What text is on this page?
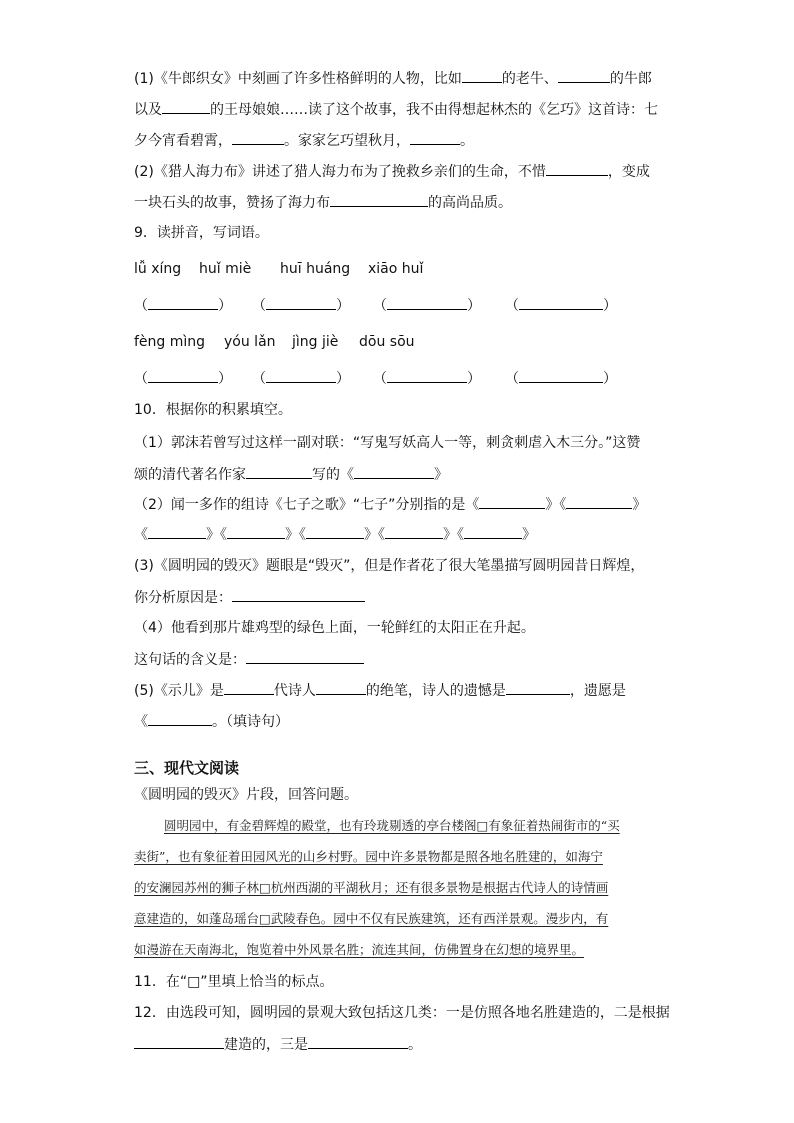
(1)《牛郎织女》中刻画了许多性格鲜明的人物，比如	的老牛、	的牛郎
以及	的王母娘娘……读了这个故事，我不由得想起林杰的《乞巧》这首诗：七
夕今宵看碧霄，	。家家乞巧望秋月，	。
(2)《猎人海力布》讲述了猎人海力布为了挽救乡亲们的生命，不惜	，变成
一块石头的故事，赞扬了海力布	的高尚品质。
9．读拼音，写词语。
lǚ xíng huǐ miè huī huáng xiāo huǐ
（	） （	） （	） （	）
fèng mìng yóu lǎn jìng jiè dōu sōu
（	） （	） （	） （	）
10．根据你的积累填空。
（1）郭沫若曾写过这样一副对联：“写鬼写妖高人一等，刺贪刺虐入木三分。”这赞
颂的清代著名作家	写的《	》
（2）闻一多作的组诗《七子之歌》“七子”分别指的是《	》《	》
《	》《	》《	》《	》《	》
(3)《圆明园的毁灭》题眼是“毁灭”，但是作者花了很大笔墨描写圆明园昔日辉煌，
你分析原因是：
（4）他看到那片雄鸡型的绿色上面，一轮鲜红的太阳正在升起。
这句话的含义是：
(5)《示儿》是	代诗人	的绝笔，诗人的遗憾是	，遗愿是
《	。（填诗句）
三、现代文阅读
《圆明园的毁灭》片段，回答问题。
圆明园中，有金碧辉煌的殿堂，也有玲珑剔透的亭台楼阁□有象征着热闹街市的“买
卖街”，也有象征着田园风光的山乡村野。园中许多景物都是照各地名胜建的，如海宁
的安澜园苏州的狮子林□杭州西湖的平湖秋月；还有很多景物是根据古代诗人的诗情画
意建造的，如蓬岛瑶台□武陵春色。园中不仅有民族建筑，还有西洋景观。漫步内，有
如漫游在天南海北，饱览着中外风景名胜；流连其间，仿佛置身在幻想的境界里。
11．在“□”里填上恰当的标点。
12．由选段可知，圆明园的景观大致包括这几类：一是仿照各地名胜建造的，二是根据
建造的，三是	。
